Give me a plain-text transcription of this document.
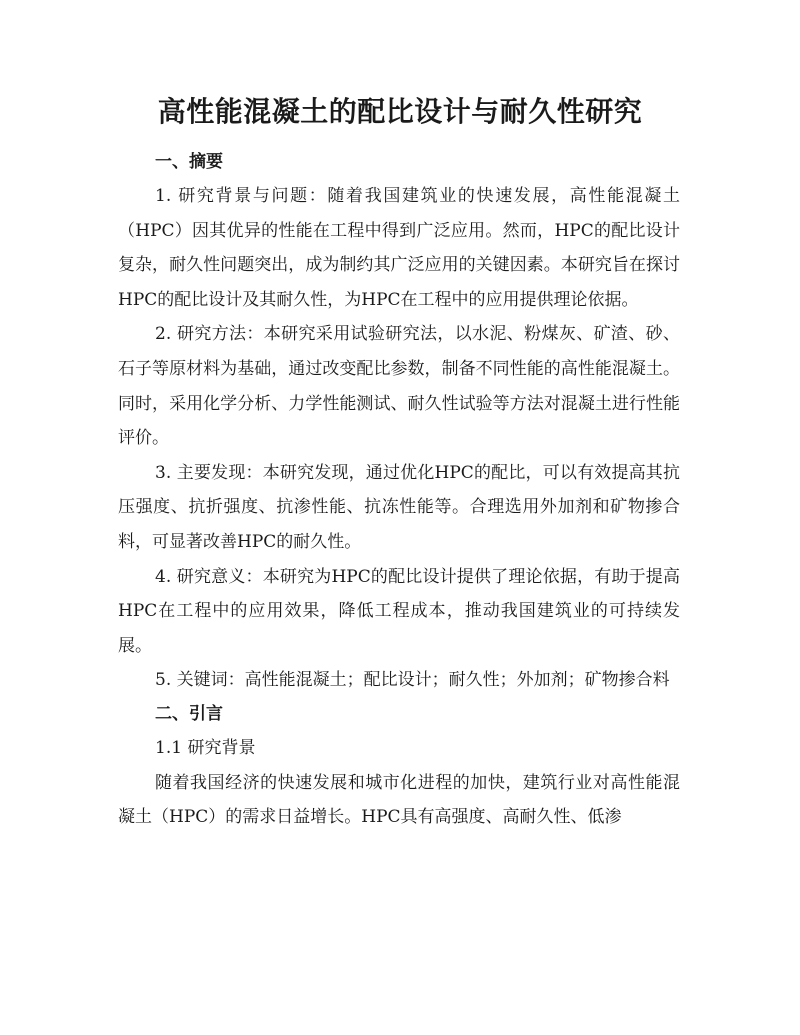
高性能混凝土的配比设计与耐久性研究
一、摘要

1. 研究背景与问题：随着我国建筑业的快速发展，高性能混凝土（HPC）因其优异的性能在工程中得到广泛应用。然而，HPC的配比设计复杂，耐久性问题突出，成为制约其广泛应用的关键因素。本研究旨在探讨HPC的配比设计及其耐久性，为HPC在工程中的应用提供理论依据。

2. 研究方法：本研究采用试验研究法，以水泥、粉煤灰、矿渣、砂、石子等原材料为基础，通过改变配比参数，制备不同性能的高性能混凝土。同时，采用化学分析、力学性能测试、耐久性试验等方法对混凝土进行性能评价。

3. 主要发现：本研究发现，通过优化HPC的配比，可以有效提高其抗压强度、抗折强度、抗渗性能、抗冻性能等。合理选用外加剂和矿物掺合料，可显著改善HPC的耐久性。

4. 研究意义：本研究为HPC的配比设计提供了理论依据，有助于提高HPC在工程中的应用效果，降低工程成本，推动我国建筑业的可持续发展。

5. 关键词：高性能混凝土；配比设计；耐久性；外加剂；矿物掺合料

二、引言
1.1 研究背景

随着我国经济的快速发展和城市化进程的加快，建筑行业对高性能混凝土（HPC）的需求日益增长。HPC具有高强度、高耐久性、低渗
